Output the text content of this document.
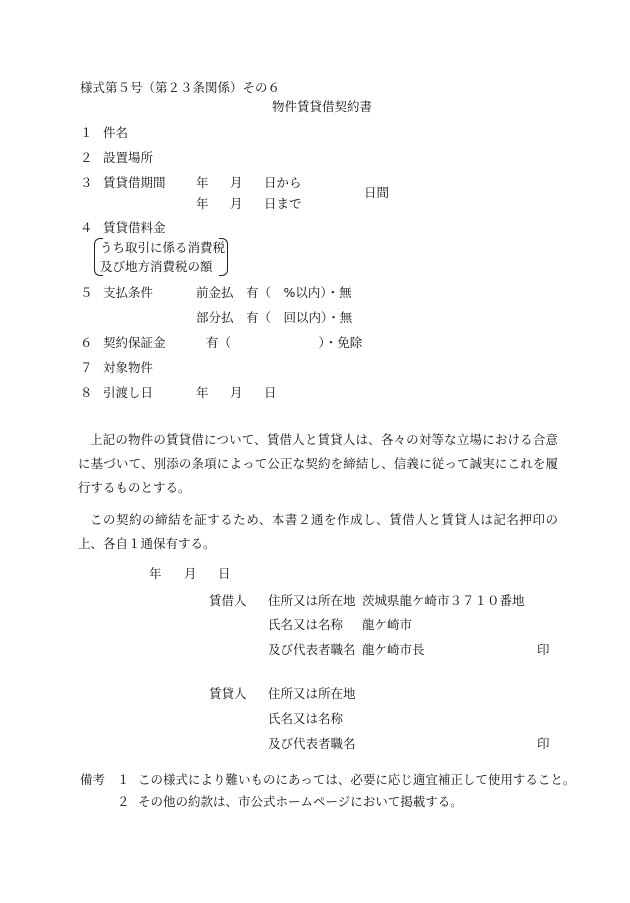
様式第５号（第２３条関係）その６
物件賃貸借契約書
１ 件名
２ 設置場所
３ 賃貸借期間 年 月 日から
年 月 日まで
日間
４ 賃貸借料金
うち取引に係る消費税
及び地方消費税の額
５ 支払条件	前金払　有（　%以内）・無
部分払　有（　回以内）・無
６ 契約保証金	有（　　　　　　　）・免除
７ 対象物件
８ 引渡し日	年 月 日
上記の物件の賃貸借について、賃借人と賃貸人は、各々の対等な立場における合意に基づいて、別添の条項によって公正な契約を締結し、信義に従って誠実にこれを履行するものとする。
この契約の締結を証するため、本書２通を作成し、賃借人と賃貸人は記名押印の上、各自１通保有する。
年 月 日
賃借人 住所又は所在地 茨城県龍ケ崎市３７１０番地
氏名又は名称 龍ケ崎市
及び代表者職名 龍ケ崎市長	印
賃貸人 住所又は所在地
氏名又は名称
及び代表者職名	印
備考 １ この様式により難いものにあっては、必要に応じ適宜補正して使用すること。
２ その他の約款は、市公式ホームページにおいて掲載する。
